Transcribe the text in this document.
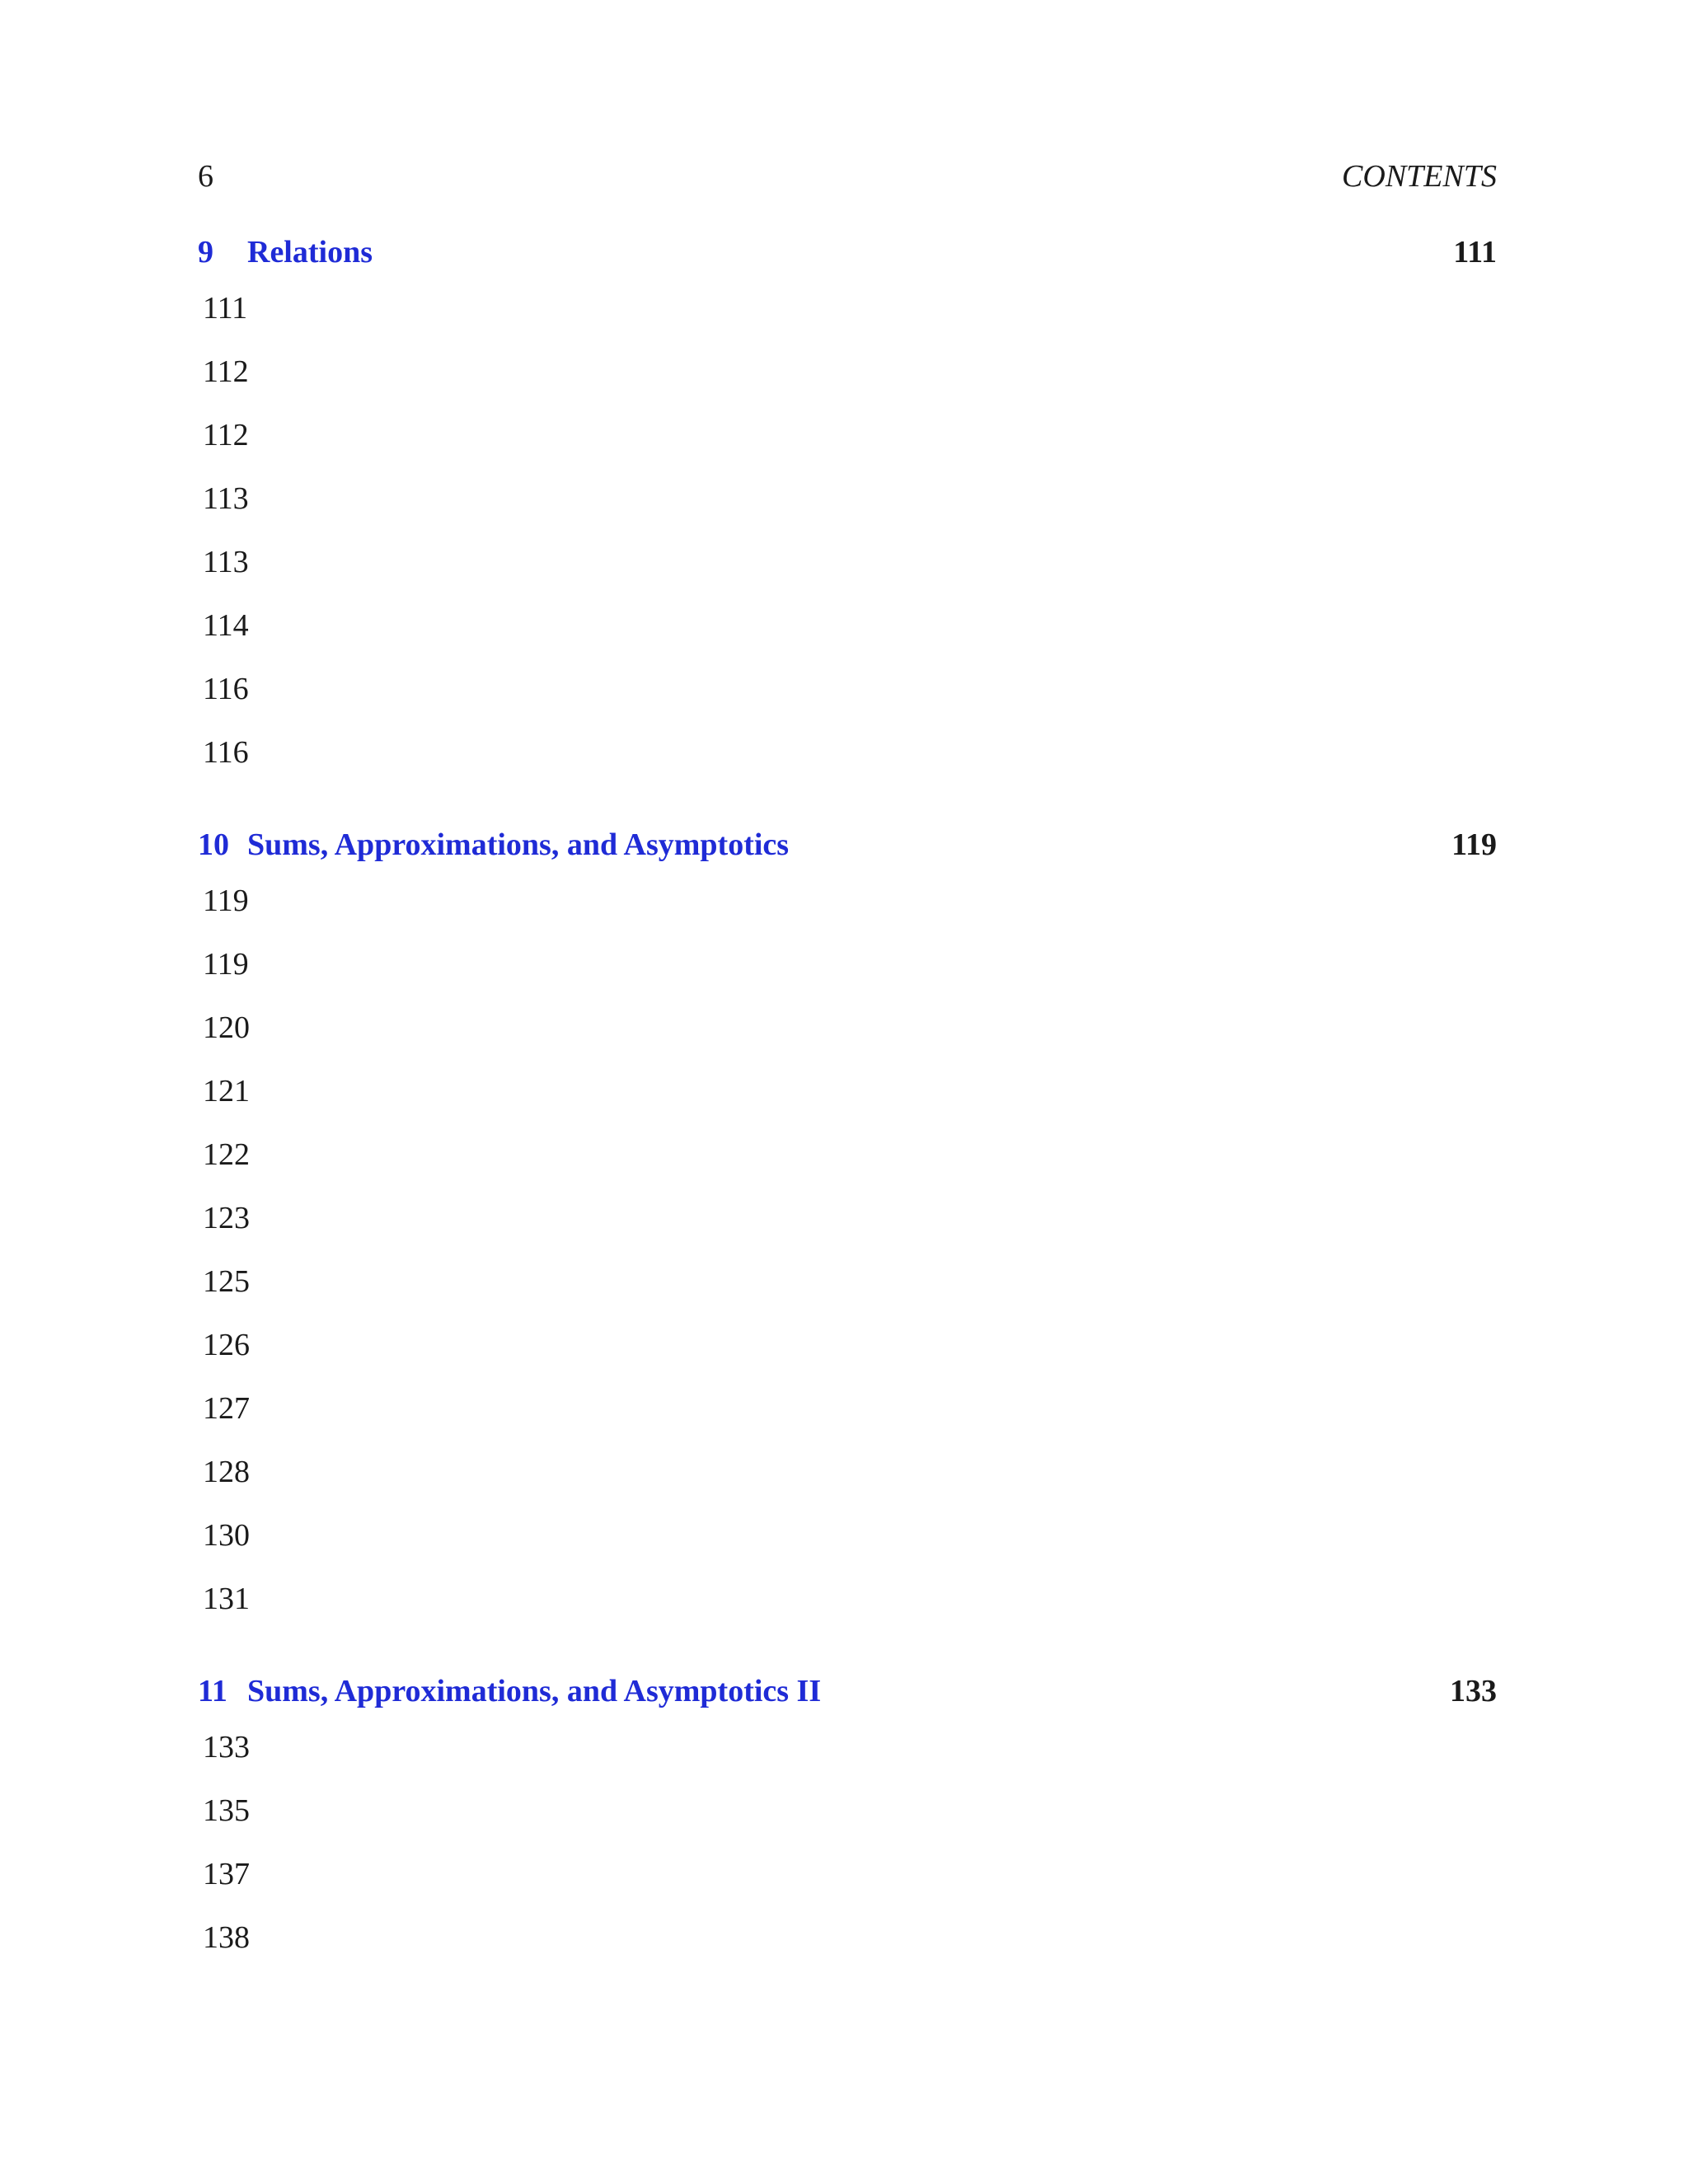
6	CONTENTS
9 Relations	111
111
112
112
113
113
114
116
116
10 Sums, Approximations, and Asymptotics	119
119
119
120
121
122
123
125
126
127
128
130
131
11 Sums, Approximations, and Asymptotics II	133
133
135
137
138
